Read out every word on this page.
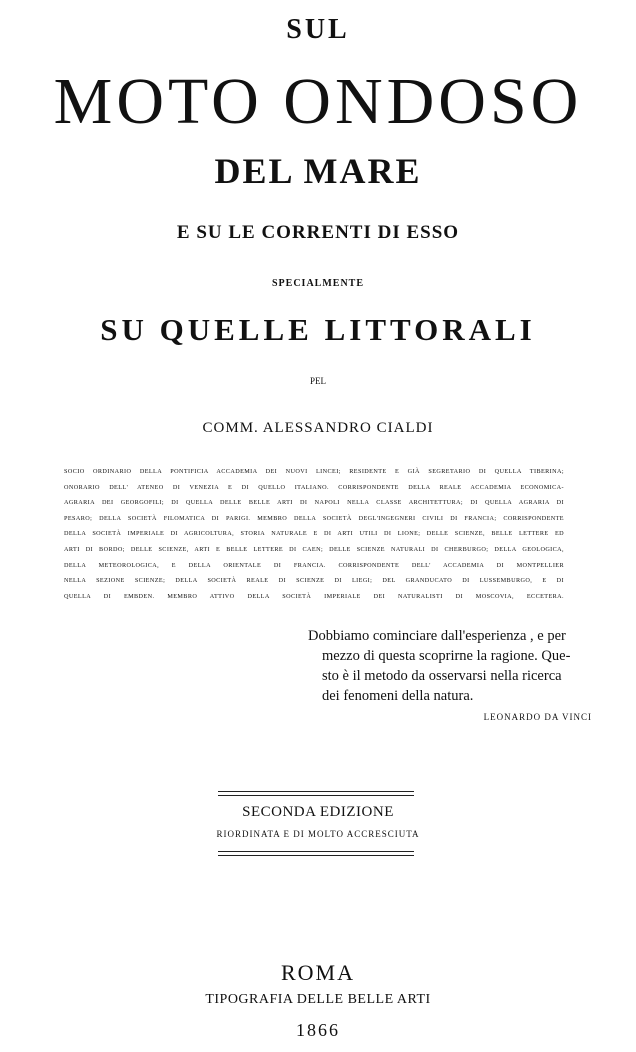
SUL
MOTO ONDOSO
DEL MARE
E SU LE CORRENTI DI ESSO
SPECIALMENTE
SU QUELLE LITTORALI
PEL
COMM. ALESSANDRO CIALDI
SOCIO ORDINARIO DELLA PONTIFICIA ACCADEMIA DEI NUOVI LINCEI; RESIDENTE E GIÀ SEGRETARIO DI QUELLA TIBERINA;
ONORARIO DELL' ATENEO DI VENEZIA E DI QUELLO ITALIANO. CORRISPONDENTE DELLA REALE ACCADEMIA ECONOMICA-
AGRARIA DEI GEORGOFILI; DI QUELLA DELLE BELLE ARTI DI NAPOLI NELLA CLASSE ARCHITETTURA; DI QUELLA AGRARIA DI
PESARO; DELLA SOCIETÀ FILOMATICA DI PARIGI. MEMBRO DELLA SOCIETÀ DEGL'INGEGNERI CIVILI DI FRANCIA; CORRISPONDENTE
DELLA SOCIETÀ IMPERIALE DI AGRICOLTURA, STORIA NATURALE E DI ARTI UTILI DI LIONE; DELLE SCIENZE, BELLE LETTERE ED
ARTI DI BORDO; DELLE SCIENZE, ARTI E BELLE LETTERE DI CAEN; DELLE SCIENZE NATURALI DI CHERBURGO; DELLA GEOLOGICA,
DELLA METEOROLOGICA, E DELLA ORIENTALE DI FRANCIA. CORRISPONDENTE DELL' ACCADEMIA DI MONTPELLIER
NELLA SEZIONE SCIENZE; DELLA SOCIETÀ REALE DI SCIENZE DI LIEGI; DEL GRANDUCATO DI LUSSEMBURGO, E DI
QUELLA DI EMBDEN. MEMBRO ATTIVO DELLA SOCIETÀ IMPERIALE DEI NATURALISTI DI MOSCOVIA, ECCETERA.
Dobbiamo cominciare dall'esperienza , e per
mezzo di questa scoprirne la ragione. Que-
sto è il metodo da osservarsi nella ricerca
dei fenomeni della natura.
LEONARDO DA VINCI
SECONDA EDIZIONE
RIORDINATA E DI MOLTO ACCRESCIUTA
ROMA
TIPOGRAFIA DELLE BELLE ARTI
1866
